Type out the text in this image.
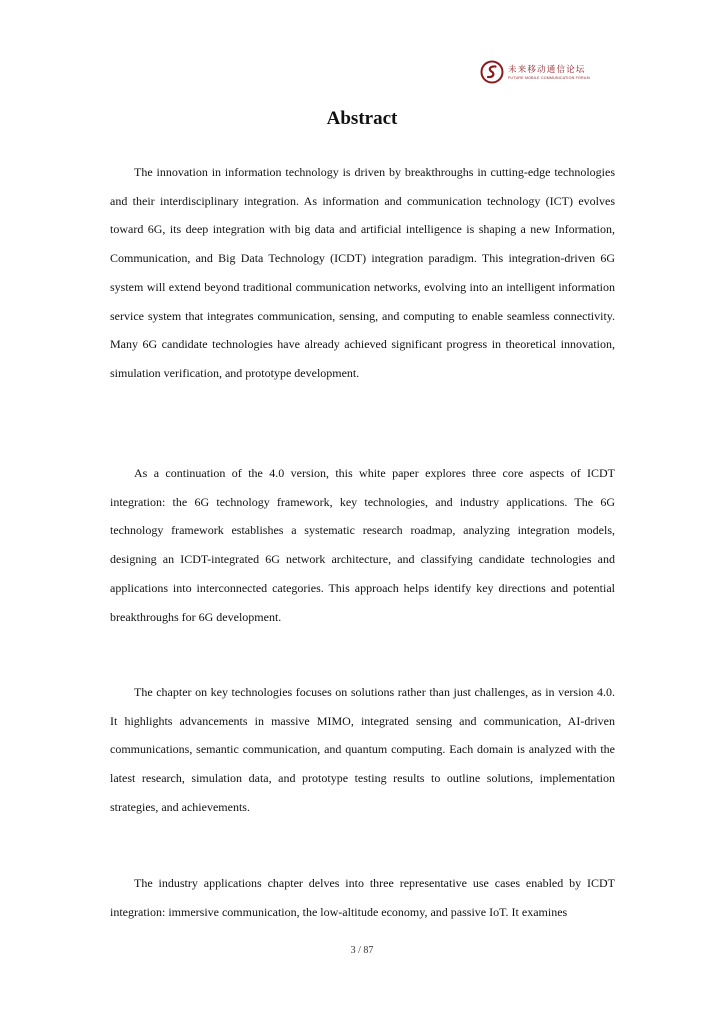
未来移动通信论坛
FUTURE MOBILE COMMUNICATION FORUM
Abstract

The innovation in information technology is driven by breakthroughs in cutting-edge technologies and their interdisciplinary integration. As information and communication technology (ICT) evolves toward 6G, its deep integration with big data and artificial intelligence is shaping a new Information, Communication, and Big Data Technology (ICDT) integration paradigm. This integration-driven 6G system will extend beyond traditional communication networks, evolving into an intelligent information service system that integrates communication, sensing, and computing to enable seamless connectivity. Many 6G candidate technologies have already achieved significant progress in theoretical innovation, simulation verification, and prototype development.

As a continuation of the 4.0 version, this white paper explores three core aspects of ICDT integration: the 6G technology framework, key technologies, and industry applications. The 6G technology framework establishes a systematic research roadmap, analyzing integration models, designing an ICDT-integrated 6G network architecture, and classifying candidate technologies and applications into interconnected categories. This approach helps identify key directions and potential breakthroughs for 6G development.

The chapter on key technologies focuses on solutions rather than just challenges, as in version 4.0. It highlights advancements in massive MIMO, integrated sensing and communication, AI-driven communications, semantic communication, and quantum computing. Each domain is analyzed with the latest research, simulation data, and prototype testing results to outline solutions, implementation strategies, and achievements.

The industry applications chapter delves into three representative use cases enabled by ICDT integration: immersive communication, the low-altitude economy, and passive IoT. It examines

3 / 87
